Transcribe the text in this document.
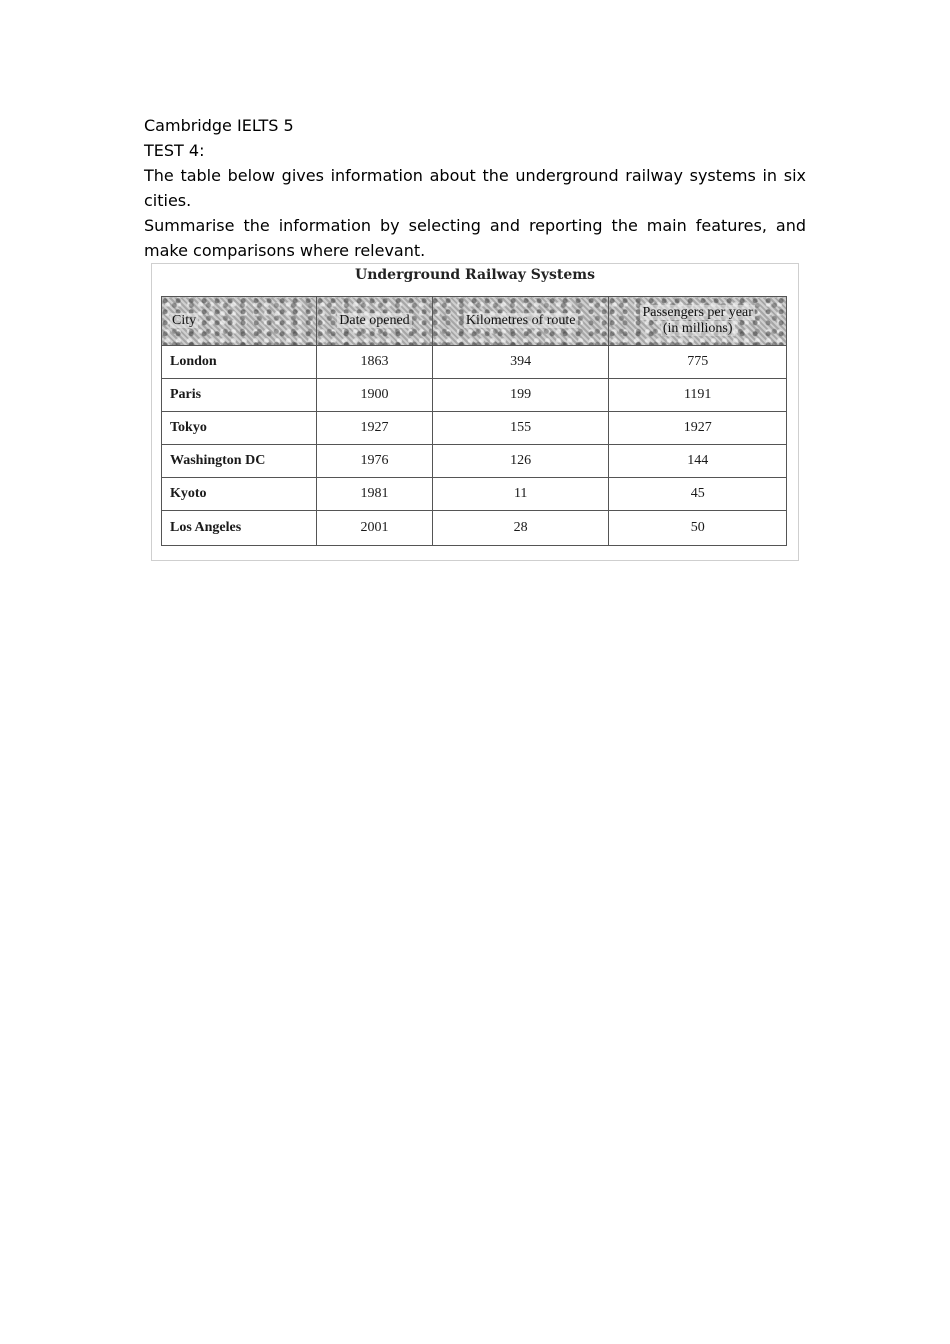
Cambridge IELTS 5

TEST 4:

The table below gives information about the underground railway systems in six cities.

Summarise the information by selecting and reporting the main features, and make comparisons where relevant.

Underground Railway Systems
City	Date opened	Kilometres of route	Passengers per year
(in millions)
London	1863	394	775
Paris	1900	199	1191
Tokyo	1927	155	1927
Washington DC	1976	126	144
Kyoto	1981	11	45
Los Angeles	2001	28	50
